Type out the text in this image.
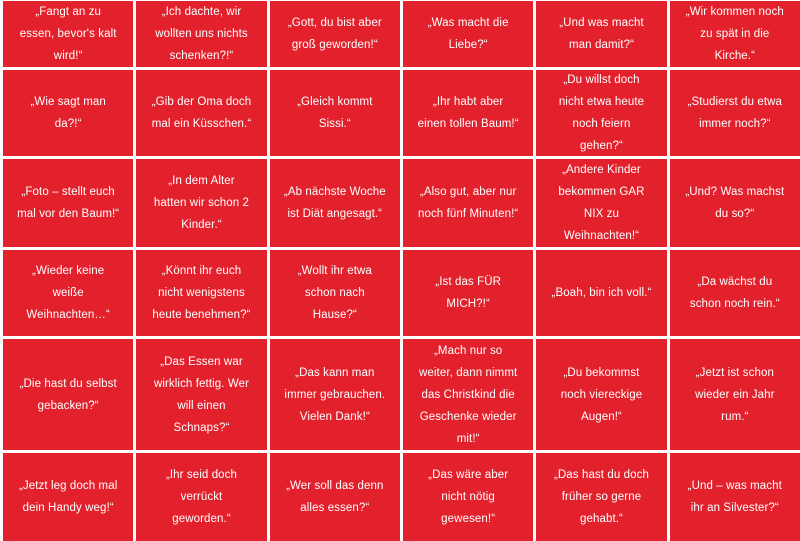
„Fangt an zu essen, bevor's kalt wird!“
„Ich dachte, wir wollten uns nichts schenken?!“
„Gott, du bist aber groß geworden!“
„Was macht die Liebe?“
„Und was macht man damit?“
„Wir kommen noch zu spät in die Kirche.“
„Wie sagt man da?!“
„Gib der Oma doch mal ein Küsschen.“
„Gleich kommt Sissi.“
„Ihr habt aber einen tollen Baum!“
„Du willst doch nicht etwa heute noch feiern gehen?“
„Studierst du etwa immer noch?“
„Foto – stellt euch mal vor den Baum!“
„In dem Alter hatten wir schon 2 Kinder.“
„Ab nächste Woche ist Diät angesagt.“
„Also gut, aber nur noch fünf Minuten!“
„Andere Kinder bekommen GAR NIX zu Weihnachten!“
„Und? Was machst du so?“
„Wieder keine weiße Weihnachten…“
„Könnt ihr euch nicht wenigstens heute benehmen?“
„Wollt ihr etwa schon nach Hause?“
„Ist das FÜR MICH?!“
„Boah, bin ich voll.“
„Da wächst du schon noch rein.“
„Die hast du selbst gebacken?“
„Das Essen war wirklich fettig. Wer will einen Schnaps?“
„Das kann man immer gebrauchen. Vielen Dank!“
„Mach nur so weiter, dann nimmt das Christkind die Geschenke wieder mit!“
„Du bekommst noch viereckige Augen!“
„Jetzt ist schon wieder ein Jahr rum.“
„Jetzt leg doch mal dein Handy weg!“
„Ihr seid doch verrückt geworden.“
„Wer soll das denn alles essen?“
„Das wäre aber nicht nötig gewesen!“
„Das hast du doch früher so gerne gehabt.“
„Und – was macht ihr an Silvester?“
